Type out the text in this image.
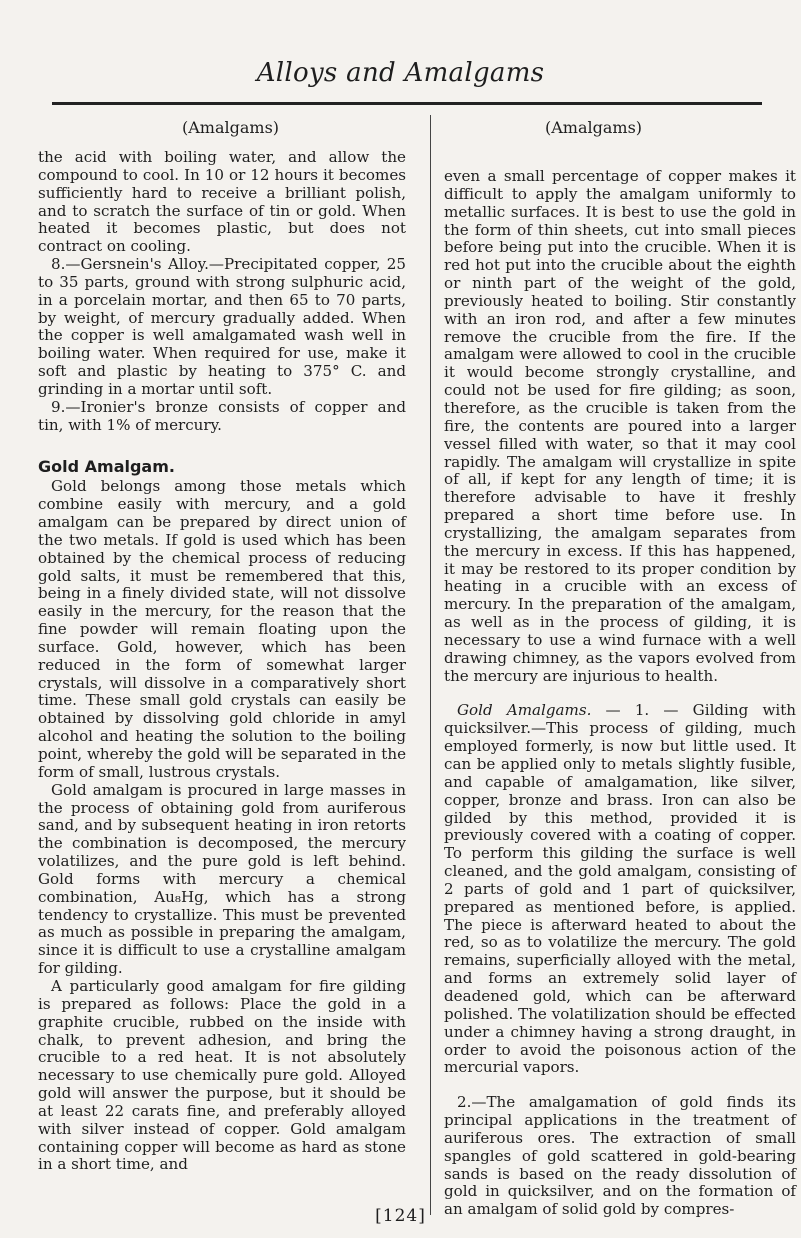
Alloys and Amalgams
(Amalgams)	(Amalgams)

the acid with boiling water, and allow the compound to cool. In 10 or 12 hours it becomes sufficiently hard to receive a brilliant polish, and to scratch the surface of tin or gold. When heated it becomes plastic, but does not contract on cooling.

8.—Gersnein's Alloy.—Precipitated copper, 25 to 35 parts, ground with strong sulphuric acid, in a porcelain mortar, and then 65 to 70 parts, by weight, of mercury gradually added. When the copper is well amalgamated wash well in boiling water. When required for use, make it soft and plastic by heating to 375° C. and grinding in a mortar until soft.

9.—Ironier's bronze consists of copper and tin, with 1% of mercury.

Gold Amalgam.

Gold belongs among those metals which combine easily with mercury, and a gold amalgam can be prepared by direct union of the two metals. If gold is used which has been obtained by the chemical process of reducing gold salts, it must be remembered that this, being in a finely divided state, will not dissolve easily in the mercury, for the reason that the fine powder will remain floating upon the surface. Gold, however, which has been reduced in the form of somewhat larger crystals, will dissolve in a comparatively short time. These small gold crystals can easily be obtained by dissolving gold chloride in amyl alcohol and heating the solution to the boiling point, whereby the gold will be separated in the form of small, lustrous crystals.

Gold amalgam is procured in large masses in the process of obtaining gold from auriferous sand, and by subsequent heating in iron retorts the combination is decomposed, the mercury volatilizes, and the pure gold is left behind. Gold forms with mercury a chemical combination, Au₈Hg, which has a strong tendency to crystallize. This must be prevented as much as possible in preparing the amalgam, since it is difficult to use a crystalline amalgam for gilding.

A particularly good amalgam for fire gilding is prepared as follows: Place the gold in a graphite crucible, rubbed on the inside with chalk, to prevent adhesion, and bring the crucible to a red heat. It is not absolutely necessary to use chemically pure gold. Alloyed gold will answer the purpose, but it should be at least 22 carats fine, and preferably alloyed with silver instead of copper. Gold amalgam containing copper will become as hard as stone in a short time, and

even a small percentage of copper makes it difficult to apply the amalgam uniformly to metallic surfaces. It is best to use the gold in the form of thin sheets, cut into small pieces before being put into the crucible. When it is red hot put into the crucible about the eighth or ninth part of the weight of the gold, previously heated to boiling. Stir constantly with an iron rod, and after a few minutes remove the crucible from the fire. If the amalgam were allowed to cool in the crucible it would become strongly crystalline, and could not be used for fire gilding; as soon, therefore, as the crucible is taken from the fire, the contents are poured into a larger vessel filled with water, so that it may cool rapidly. The amalgam will crystallize in spite of all, if kept for any length of time; it is therefore advisable to have it freshly prepared a short time before use. In crystallizing, the amalgam separates from the mercury in excess. If this has happened, it may be restored to its proper condition by heating in a crucible with an excess of mercury. In the preparation of the amalgam, as well as in the process of gilding, it is necessary to use a wind furnace with a well drawing chimney, as the vapors evolved from the mercury are injurious to health.

Gold Amalgams. — 1. — Gilding with quicksilver.—This process of gilding, much employed formerly, is now but little used. It can be applied only to metals slightly fusible, and capable of amalgamation, like silver, copper, bronze and brass. Iron can also be gilded by this method, provided it is previously covered with a coating of copper. To perform this gilding the surface is well cleaned, and the gold amalgam, consisting of 2 parts of gold and 1 part of quicksilver, prepared as mentioned before, is applied. The piece is afterward heated to about the red, so as to volatilize the mercury. The gold remains, superficially alloyed with the metal, and forms an extremely solid layer of deadened gold, which can be afterward polished. The volatilization should be effected under a chimney having a strong draught, in order to avoid the poisonous action of the mercurial vapors.

2.—The amalgamation of gold finds its principal applications in the treatment of auriferous ores. The extraction of small spangles of gold scattered in gold-bearing sands is based on the ready dissolution of gold in quicksilver, and on the formation of an amalgam of solid gold by compres-

[124]
